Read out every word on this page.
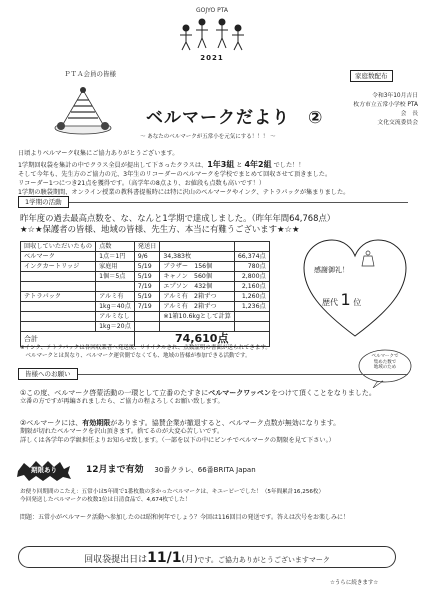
GOJYO PTA
2021
ＰＴＡ会員の皆様	家庭数配布
ベルマークだより　②
～ あなたのベルマークが五常小を元気にする！！！ ～
令和3年10月吉日
枚方市立五常小学校 PTA
会　長
文化交流委員会
日頃よりベルマーク収集にご協力ありがとうございます。
1学期回収袋を集計の中でクラス全員が提出して下さったクラスは、1年3組 と 4年2組 でした！！
そして今年も、先生方のご協力の元、3年生のリコーダーのベルマークを学校でまとめて回収させて頂きました。
リコーダー1つにつき21点を獲得です。（高学年の8点より、お値段も点数も高いです！）
1学期の駿袋期間、オンライン授業の教科書提報時には特に沢山のベルマークやインク、テトラパックが集まりました。
1学期の活動
昨年度の過去最高点数を、な、なんと1学期で達成しました。（昨年年間64,768点）
★☆★保護者の皆様、地域の皆様、先生方、本当に有難うございます★☆★
回収していただいたもの	点数	発送日		
ベルマーク	1点＝1円	9/6	34,383枚	66,374点
インクカートリッジ	家庭用	5/19	ブラザー　156個	780点
	1個＝5点	5/19	キャノン　560個	2,800点
		7/19	エプソン　432個	2,160点
テトラパック	アルミ有	5/19	アルミ有　2箱ずつ	1,260点
	1kg＝40点	7/19	アルミ有　2箱ずつ	1,236点
	アルミなし		※1箱10.6kgとして計算	
	1kg＝20点			
合計		74,610点		
感謝御礼！
歴代 1 位
ベルマークで
集めた数で
地域のため
※インク、テトラパックは各回収業者へ発送後、リサイクルされ、点数証明の書面が送られてきます。
　ベルマークとは異なり、ベルマーク運営側でなくても、地域の皆様が参加できる活動です。
皆様へのお願い
①この度、ベルマーク啓蒙活動の一環として立番のたすきにベルマークワッペンをつけて頂くことをなりました。
立番の方ですが再編されましたら、ご協力の程よろしくお願い致します。
②ベルマークには、有効期限があります。協賛企業が撤退すると、ベルマーク点数が無効になります。
期限が切れたベルマークを沢山頂きます。捨てるのが大変心苦しいです。
詳しくは各学年の学級担任よりお知らせ致します。（一部を以下の中にピンチでベルマークの期限を見て下さい。）
期限あり	12月まで有効 30番クラレ、66番BRITA Japan
お便り回期間のこたえ：五常小は5年間で1番枚数の多かったベルマークは、キユーピーでした！（5年間累計16,256枚）
今回発送したベルマークの枚数1位は日清食品で、4,674枚でした！
問題：五常小がベルマーク活動へ参加したのは昭和何年でしょう？今回は116回目の発送です。答えは次号をお楽しみに！
回収袋提出日は11/1(月)です。ご協力ありがとうございますマーク
☆うらに続きます☆
